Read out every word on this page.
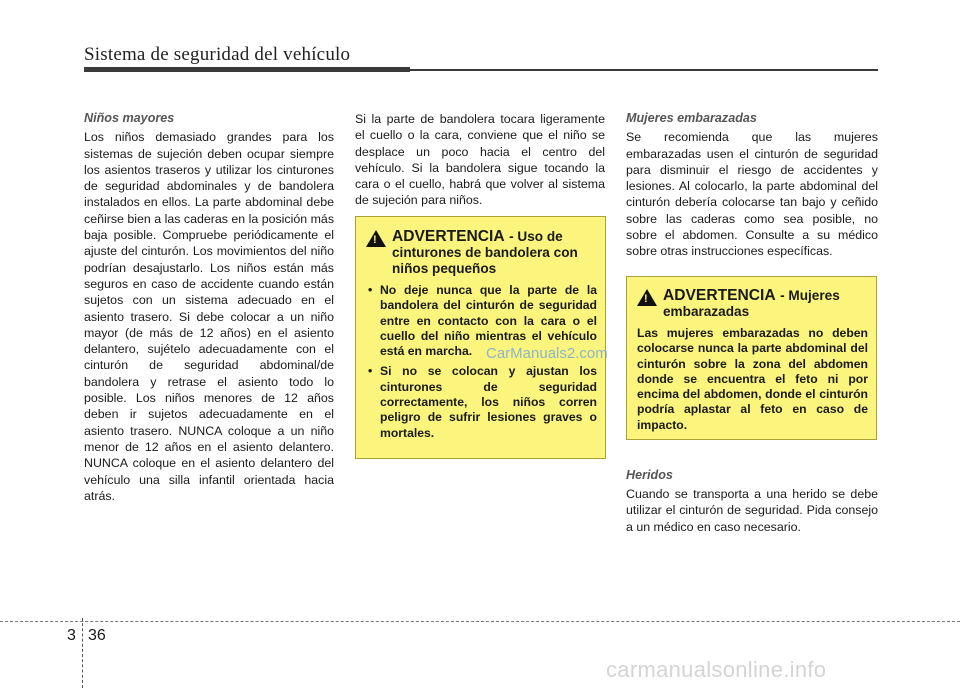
Sistema de seguridad del vehículo
Niños mayores

Los niños demasiado grandes para los sistemas de sujeción deben ocupar siempre los asientos traseros y utilizar los cinturones de seguridad abdominales y de bandolera instalados en ellos. La parte abdominal debe ceñirse bien a las caderas en la posición más baja posible. Compruebe periódicamente el ajuste del cinturón. Los movimientos del niño podrían desajustarlo. Los niños están más seguros en caso de accidente cuando están sujetos con un sistema adecuado en el asiento trasero. Si debe colocar a un niño mayor (de más de 12 años) en el asiento delantero, sujételo adecuadamente con el cinturón de seguridad abdominal/de bandolera y retrase el asiento todo lo posible. Los niños menores de 12 años deben ir sujetos adecuadamente en el asiento trasero. NUNCA coloque a un niño menor de 12 años en el asiento delantero. NUNCA coloque en el asiento delantero del vehículo una silla infantil orientada hacia atrás.

Si la parte de bandolera tocara ligeramente el cuello o la cara, conviene que el niño se desplace un poco hacia el centro del vehículo. Si la bandolera sigue tocando la cara o el cuello, habrá que volver al sistema de sujeción para niños.

! ADVERTENCIA - Uso de cinturones de bandolera con niños pequeños
• No deje nunca que la parte de la bandolera del cinturón de seguridad entre en contacto con la cara o el cuello del niño mientras el vehículo está en marcha.
• Si no se colocan y ajustan los cinturones de seguridad correctamente, los niños corren peligro de sufrir lesiones graves o mortales.
Mujeres embarazadas

Se recomienda que las mujeres embarazadas usen el cinturón de seguridad para disminuir el riesgo de accidentes y lesiones. Al colocarlo, la parte abdominal del cinturón debería colocarse tan bajo y ceñido sobre las caderas como sea posible, no sobre el abdomen. Consulte a su médico sobre otras instrucciones específicas.

Heridos

Cuando se transporta a una herido se debe utilizar el cinturón de seguridad. Pida consejo a un médico en caso necesario.

! ADVERTENCIA - Mujeres embarazadas
Las mujeres embarazadas no deben colocarse nunca la parte abdominal del cinturón sobre la zona del abdomen donde se encuentra el feto ni por encima del abdomen, donde el cinturón podría aplastar al feto en caso de impacto.
CarManuals2.com
3 36
carmanualsonline.info
